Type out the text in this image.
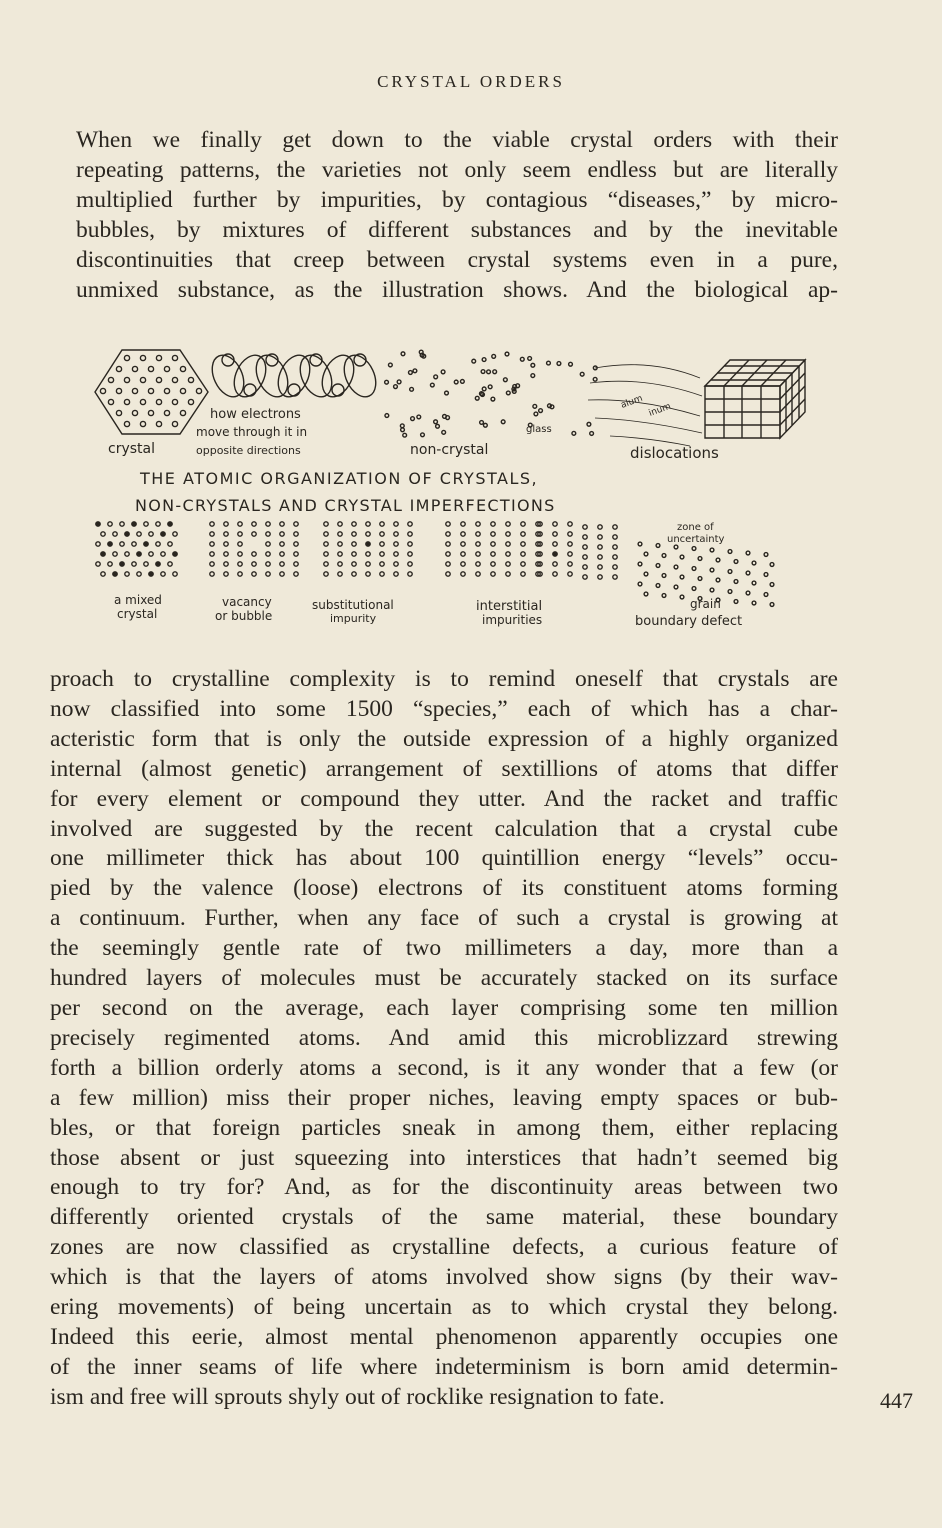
CRYSTAL ORDERS
When we finally get down to the viable crystal orders with their
repeating patterns, the varieties not only seem endless but are literally
multiplied further by impurities, by contagious “diseases,” by micro-
bubbles, by mixtures of different substances and by the inevitable
discontinuities that creep between crystal systems even in a pure,
unmixed substance, as the illustration shows. And the biological ap-
crystal
how electrons
move through it in
opposite directions	non-crystal
glass
alum inum
dislocations
THE ATOMIC ORGANIZATION OF CRYSTALS,
NON-CRYSTALS AND CRYSTAL IMPERFECTIONS
a mixed
crystal
vacancy
or bubble
substitutional
impurity
interstitial
impurities
zone of
uncertainty
grain
boundary defect
proach to crystalline complexity is to remind oneself that crystals are
now classified into some 1500 “species,” each of which has a char-
acteristic form that is only the outside expression of a highly organized
internal (almost genetic) arrangement of sextillions of atoms that differ
for every element or compound they utter. And the racket and traffic
involved are suggested by the recent calculation that a crystal cube
one millimeter thick has about 100 quintillion energy “levels” occu-
pied by the valence (loose) electrons of its constituent atoms forming
a continuum. Further, when any face of such a crystal is growing at
the seemingly gentle rate of two millimeters a day, more than a
hundred layers of molecules must be accurately stacked on its surface
per second on the average, each layer comprising some ten million
precisely regimented atoms. And amid this microblizzard strewing
forth a billion orderly atoms a second, is it any wonder that a few (or
a few million) miss their proper niches, leaving empty spaces or bub-
bles, or that foreign particles sneak in among them, either replacing
those absent or just squeezing into interstices that hadn’t seemed big
enough to try for? And, as for the discontinuity areas between two
differently oriented crystals of the same material, these boundary
zones are now classified as crystalline defects, a curious feature of
which is that the layers of atoms involved show signs (by their wav-
ering movements) of being uncertain as to which crystal they belong.
Indeed this eerie, almost mental phenomenon apparently occupies one
of the inner seams of life where indeterminism is born amid determin-
ism and free will sprouts shyly out of rocklike resignation to fate.	447
